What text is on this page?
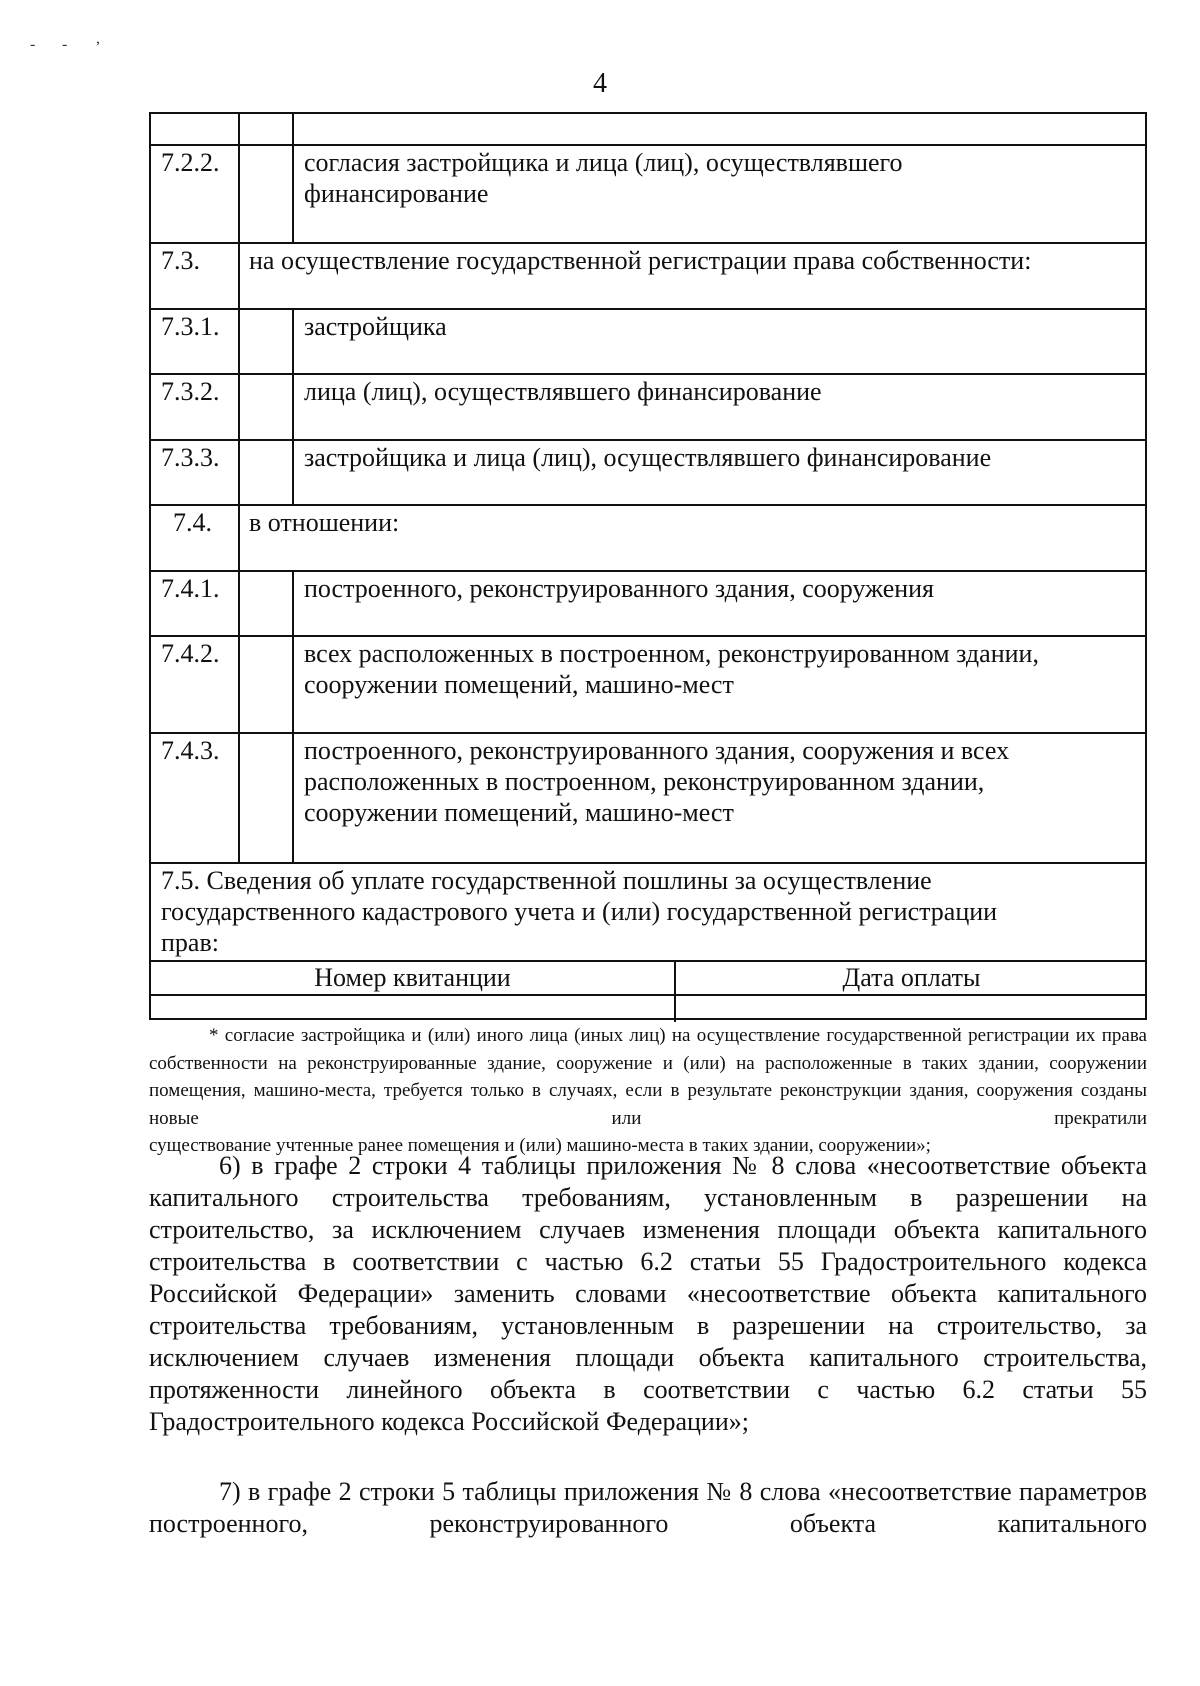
- - ,
4
7.2.2.	согласия застройщика и лица (лиц), осуществлявшего
финансирование
7.3. на осуществление государственной регистрации права собственности:
7.3.1.	застройщика
7.3.2.	лица (лиц), осуществлявшего финансирование
7.3.3.	застройщика и лица (лиц), осуществлявшего финансирование
7.4. в отношении:
7.4.1.	построенного, реконструированного здания, сооружения
7.4.2.	всех расположенных в построенном, реконструированном здании,
сооружении помещений, машино-мест
7.4.3.	построенного, реконструированного здания, сооружения и всех
расположенных в построенном, реконструированном здании,
сооружении помещений, машино-мест
7.5. Сведения об уплате государственной пошлины за осуществление
государственного кадастрового учета и (или) государственной регистрации
прав:
Номер квитанции	Дата оплаты
* согласие застройщика и (или) иного лица (иных лиц) на осуществление государственной регистрации их права собственности на реконструированные здание, сооружение и (или) на расположенные в таких здании, сооружении помещения, машино-места, требуется только в случаях, если в результате реконструкции здания, сооружения созданы новые или прекратили
существование учтенные ранее помещения и (или) машино-места в таких здании, сооружении»;
6) в графе 2 строки 4 таблицы приложения № 8 слова «несоответствие объекта капитального строительства требованиям, установленным в разрешении на строительство, за исключением случаев изменения площади объекта капитального строительства в соответствии с частью 6.2 статьи 55 Градостроительного кодекса Российской Федерации» заменить словами «несоответствие объекта капитального строительства требованиям, установленным в разрешении на строительство, за исключением случаев изменения площади объекта капитального строительства, протяженности линейного объекта в соответствии с частью 6.2 статьи 55 Градостроительного кодекса Российской Федерации»;
7) в графе 2 строки 5 таблицы приложения № 8 слова «несоответствие параметров построенного, реконструированного объекта капитального
